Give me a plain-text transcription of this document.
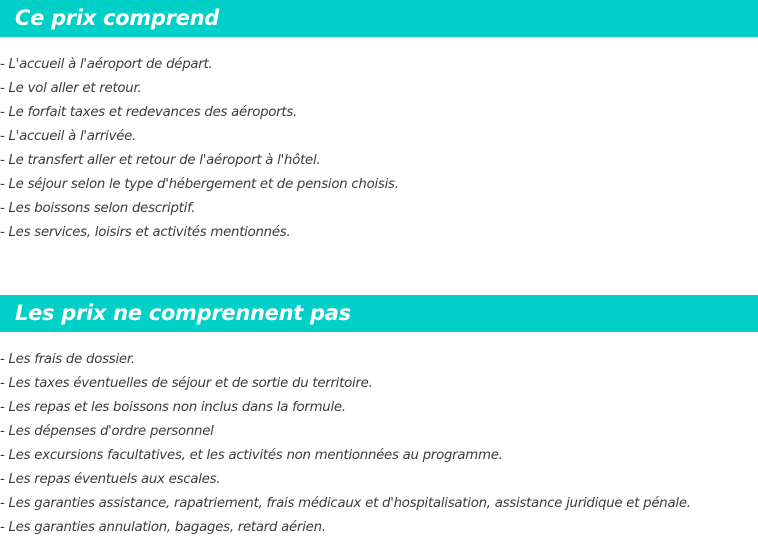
Ce prix comprend
- L'accueil à l'aéroport de départ.
- Le vol aller et retour.
- Le forfait taxes et redevances des aéroports.
- L'accueil à l'arrivée.
- Le transfert aller et retour de l'aéroport à l'hôtel.
- Le séjour selon le type d'hébergement et de pension choisis.
- Les boissons selon descriptif.
- Les services, loisirs et activités mentionnés.
Les prix ne comprennent pas
- Les frais de dossier.
- Les taxes éventuelles de séjour et de sortie du territoire.
- Les repas et les boissons non inclus dans la formule.
- Les dépenses d'ordre personnel
- Les excursions facultatives, et les activités non mentionnées au programme.
- Les repas éventuels aux escales.
- Les garanties assistance, rapatriement, frais médicaux et d'hospitalisation, assistance juridique et pénale.
- Les garanties annulation, bagages, retard aérien.
